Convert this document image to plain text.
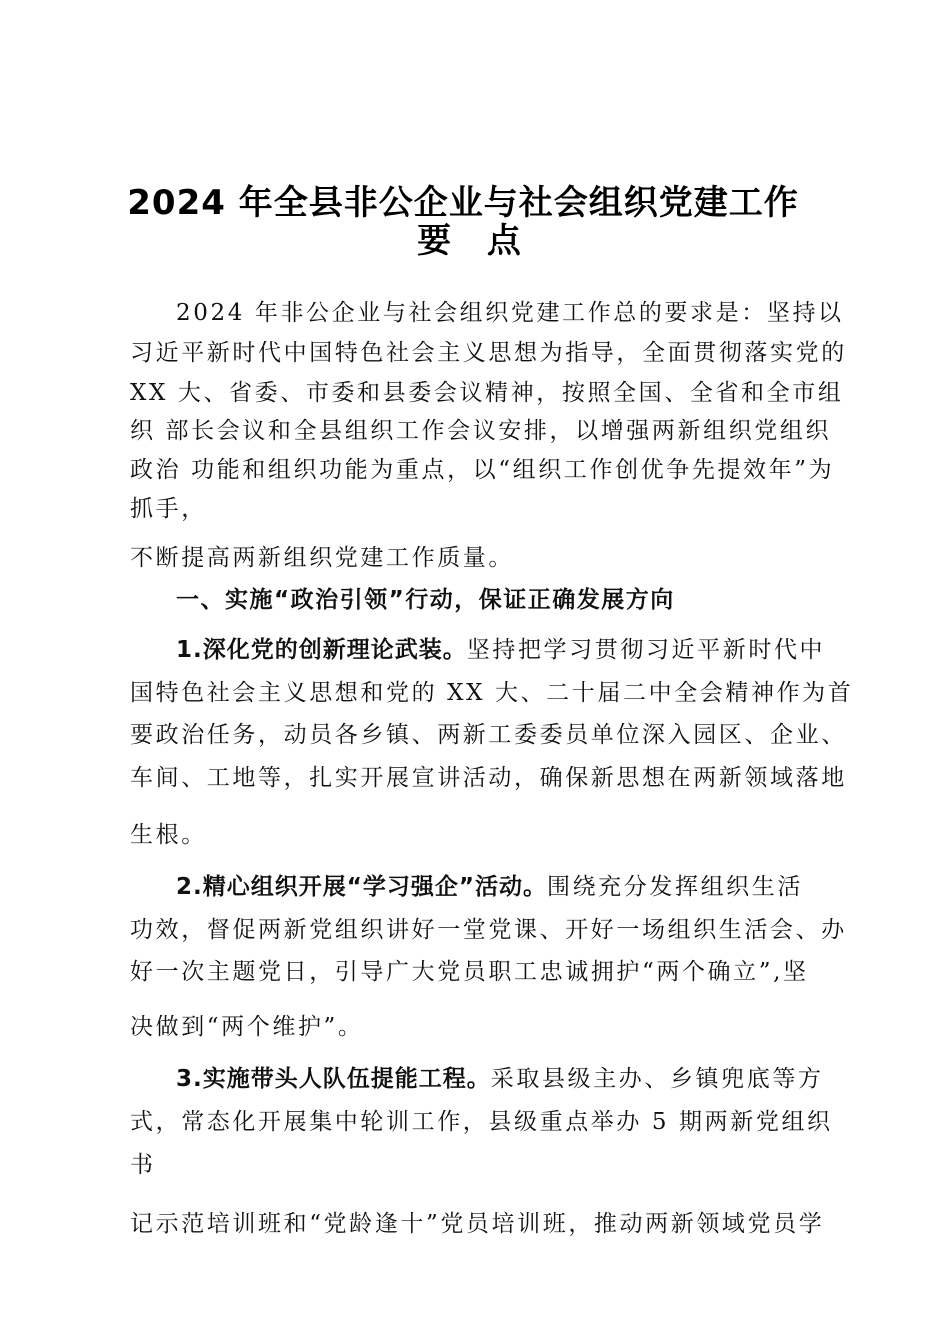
2024 年全县非公企业与社会组织党建工作
要 点

2024 年非公企业与社会组织党建工作总的要求是：坚持以

习近平新时代中国特色社会主义思想为指导，全面贯彻落实党的

XX 大、省委、市委和县委会议精神，按照全国、全省和全市组

织 部长会议和全县组织工作会议安排，以增强两新组织党组织

政治 功能和组织功能为重点，以“组织工作创优争先提效年”为

抓手，

不断提高两新组织党建工作质量。

一、实施“政治引领”行动，保证正确发展方向

1.深化党的创新理论武装。坚持把学习贯彻习近平新时代中

国特色社会主义思想和党的 XX 大、二十届二中全会精神作为首

要政治任务，动员各乡镇、两新工委委员单位深入园区、企业、

车间、工地等，扎实开展宣讲活动，确保新思想在两新领域落地

生根。

2.精心组织开展“学习强企”活动。围绕充分发挥组织生活

功效，督促两新党组织讲好一堂党课、开好一场组织生活会、办

好一次主题党日，引导广大党员职工忠诚拥护“两个确立”,坚

决做到“两个维护”。

3.实施带头人队伍提能工程。采取县级主办、乡镇兜底等方

式，常态化开展集中轮训工作，县级重点举办 5 期两新党组织

书

记示范培训班和“党龄逢十”党员培训班，推动两新领域党员学
